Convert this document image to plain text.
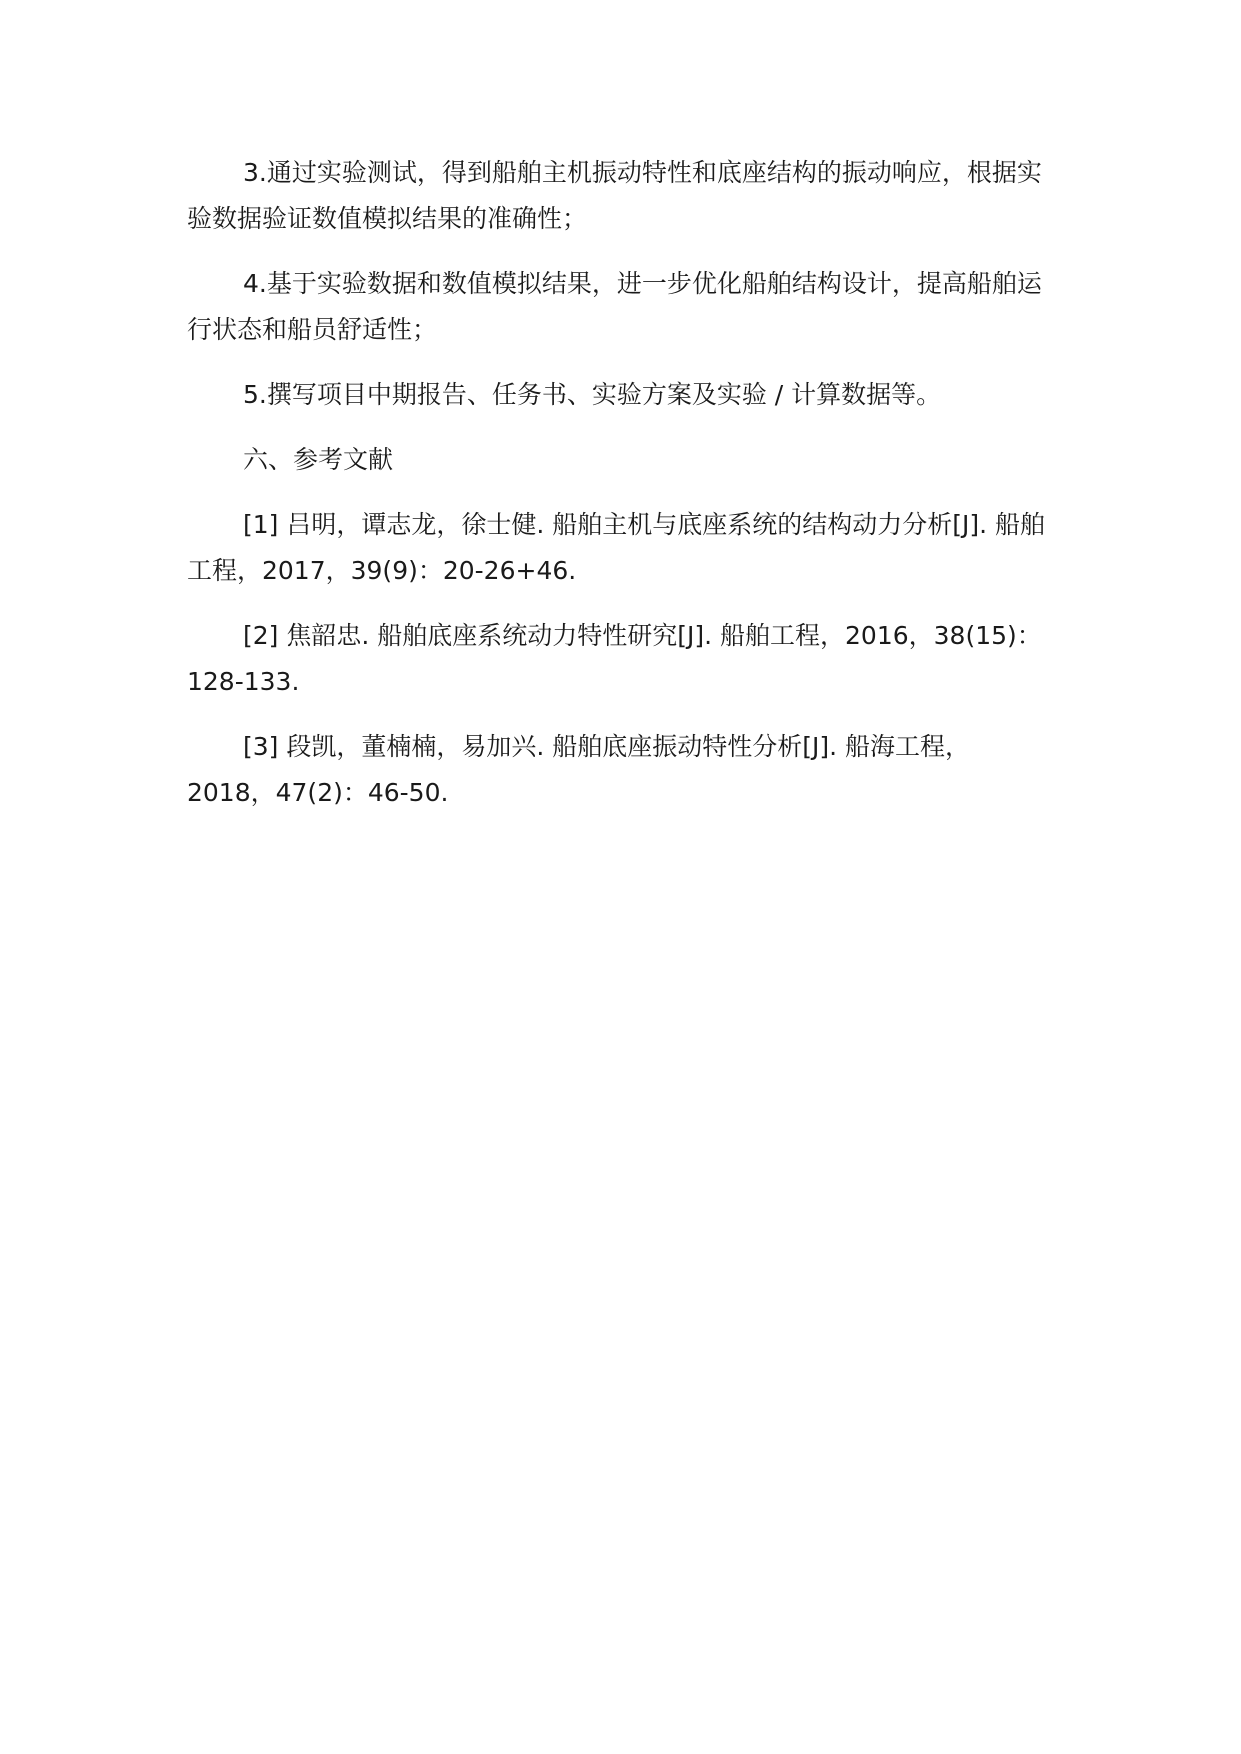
3.通过实验测试，得到船舶主机振动特性和底座结构的振动响应，根据实验数据验证数值模拟结果的准确性；

4.基于实验数据和数值模拟结果，进一步优化船舶结构设计，提高船舶运行状态和船员舒适性；

5.撰写项目中期报告、任务书、实验方案及实验 / 计算数据等。

六、参考文献

[1] 吕明，谭志龙，徐士健. 船舶主机与底座系统的结构动力分析[J]. 船舶工程，2017，39(9)：20-26+46.

[2] 焦韶忠. 船舶底座系统动力特性研究[J]. 船舶工程，2016，38(15)：128-133.

[3] 段凯，董楠楠，易加兴. 船舶底座振动特性分析[J]. 船海工程，2018，47(2)：46-50.
